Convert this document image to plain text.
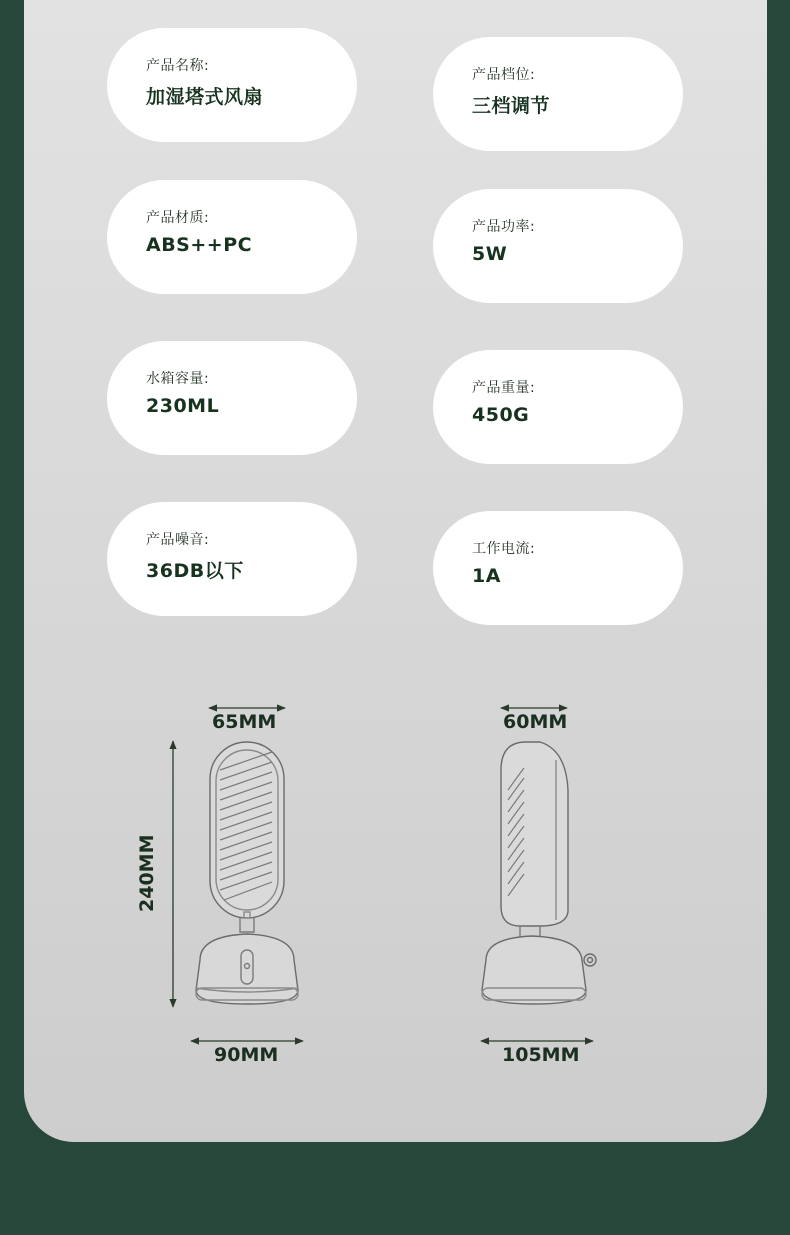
产品名称:
加湿塔式风扇
产品档位:
三档调节
产品材质:
ABS++PC
产品功率:
5W
水箱容量:
230ML
产品重量:
450G
产品噪音:
36DB以下
工作电流:
1A
65MM
240MM
90MM
60MM
105MM
